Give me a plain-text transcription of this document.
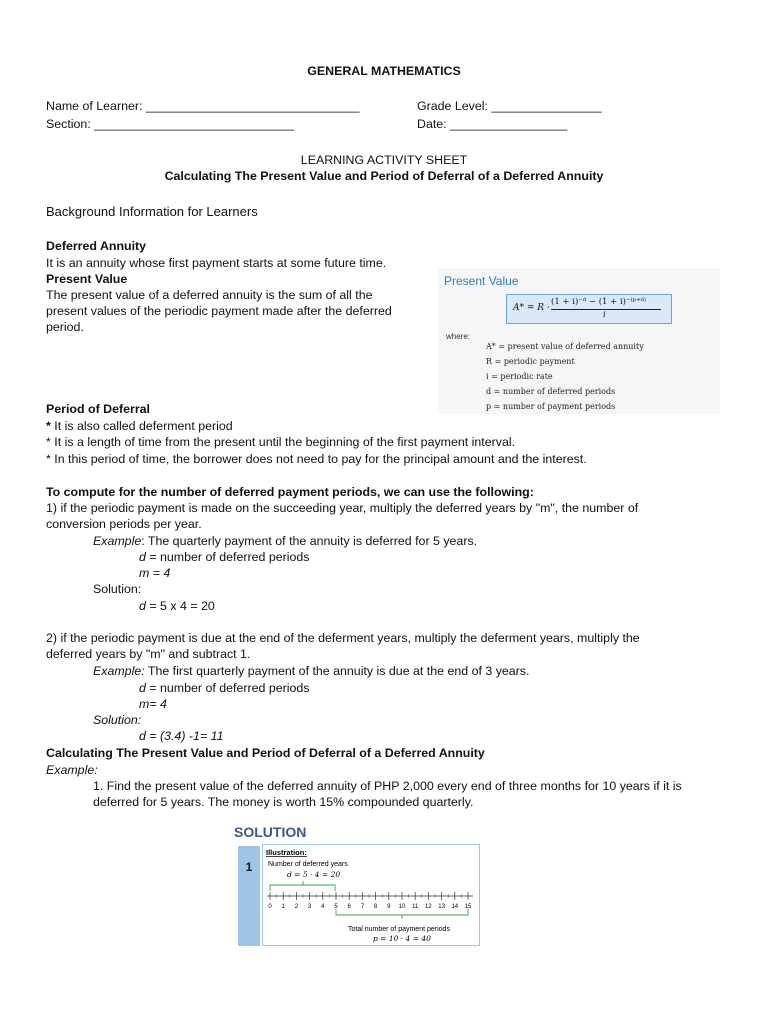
GENERAL MATHEMATICS
Name of Learner: _______________________________	Grade Level: ________________
Section: _____________________________	Date: _________________
LEARNING ACTIVITY SHEET
Calculating The Present Value and Period of Deferral of a Deferred Annuity
Background Information for Learners
Deferred Annuity
It is an annuity whose first payment starts at some future time.
Present Value
The present value of a deferred annuity is the sum of all the
present values of the periodic payment made after the deferred
period.
Present Value
A* = R ·
(1 + i)⁻ᵈ − (1 + i)⁻⁽ᵖ⁺ᵈ⁾
i
where:
A* = present value of deferred annuity
R = periodic payment
i = periodic rate
d = number of deferred periods
p = number of payment periods
Period of Deferral
* It is also called deferment period
* It is a length of time from the present until the beginning of the first payment interval.
* In this period of time, the borrower does not need to pay for the principal amount and the interest.
To compute for the number of deferred payment periods, we can use the following:
1) if the periodic payment is made on the succeeding year, multiply the deferred years by "m", the number of
conversion periods per year.
Example: The quarterly payment of the annuity is deferred for 5 years.
d = number of deferred periods
m = 4
Solution:
d = 5 x 4 = 20
2) if the periodic payment is due at the end of the deferment years, multiply the deferment years, multiply the
deferred years by "m" and subtract 1.
Example: The first quarterly payment of the annuity is due at the end of 3 years.
d = number of deferred periods
m= 4
Solution:
d = (3.4) -1= 11
Calculating The Present Value and Period of Deferral of a Deferred Annuity
Example:
1. Find the present value of the deferred annuity of PHP 2,000 every end of three months for 10 years if it is
deferred for 5 years. The money is worth 15% compounded quarterly.
SOLUTION
1
Illustration:
Number of deferred years
d = 5 · 4 = 20
0 1 2 3 4 5 6 7 8 9 10 11 12 13 14 15
Total number of payment periods
p = 10 · 4 = 40
